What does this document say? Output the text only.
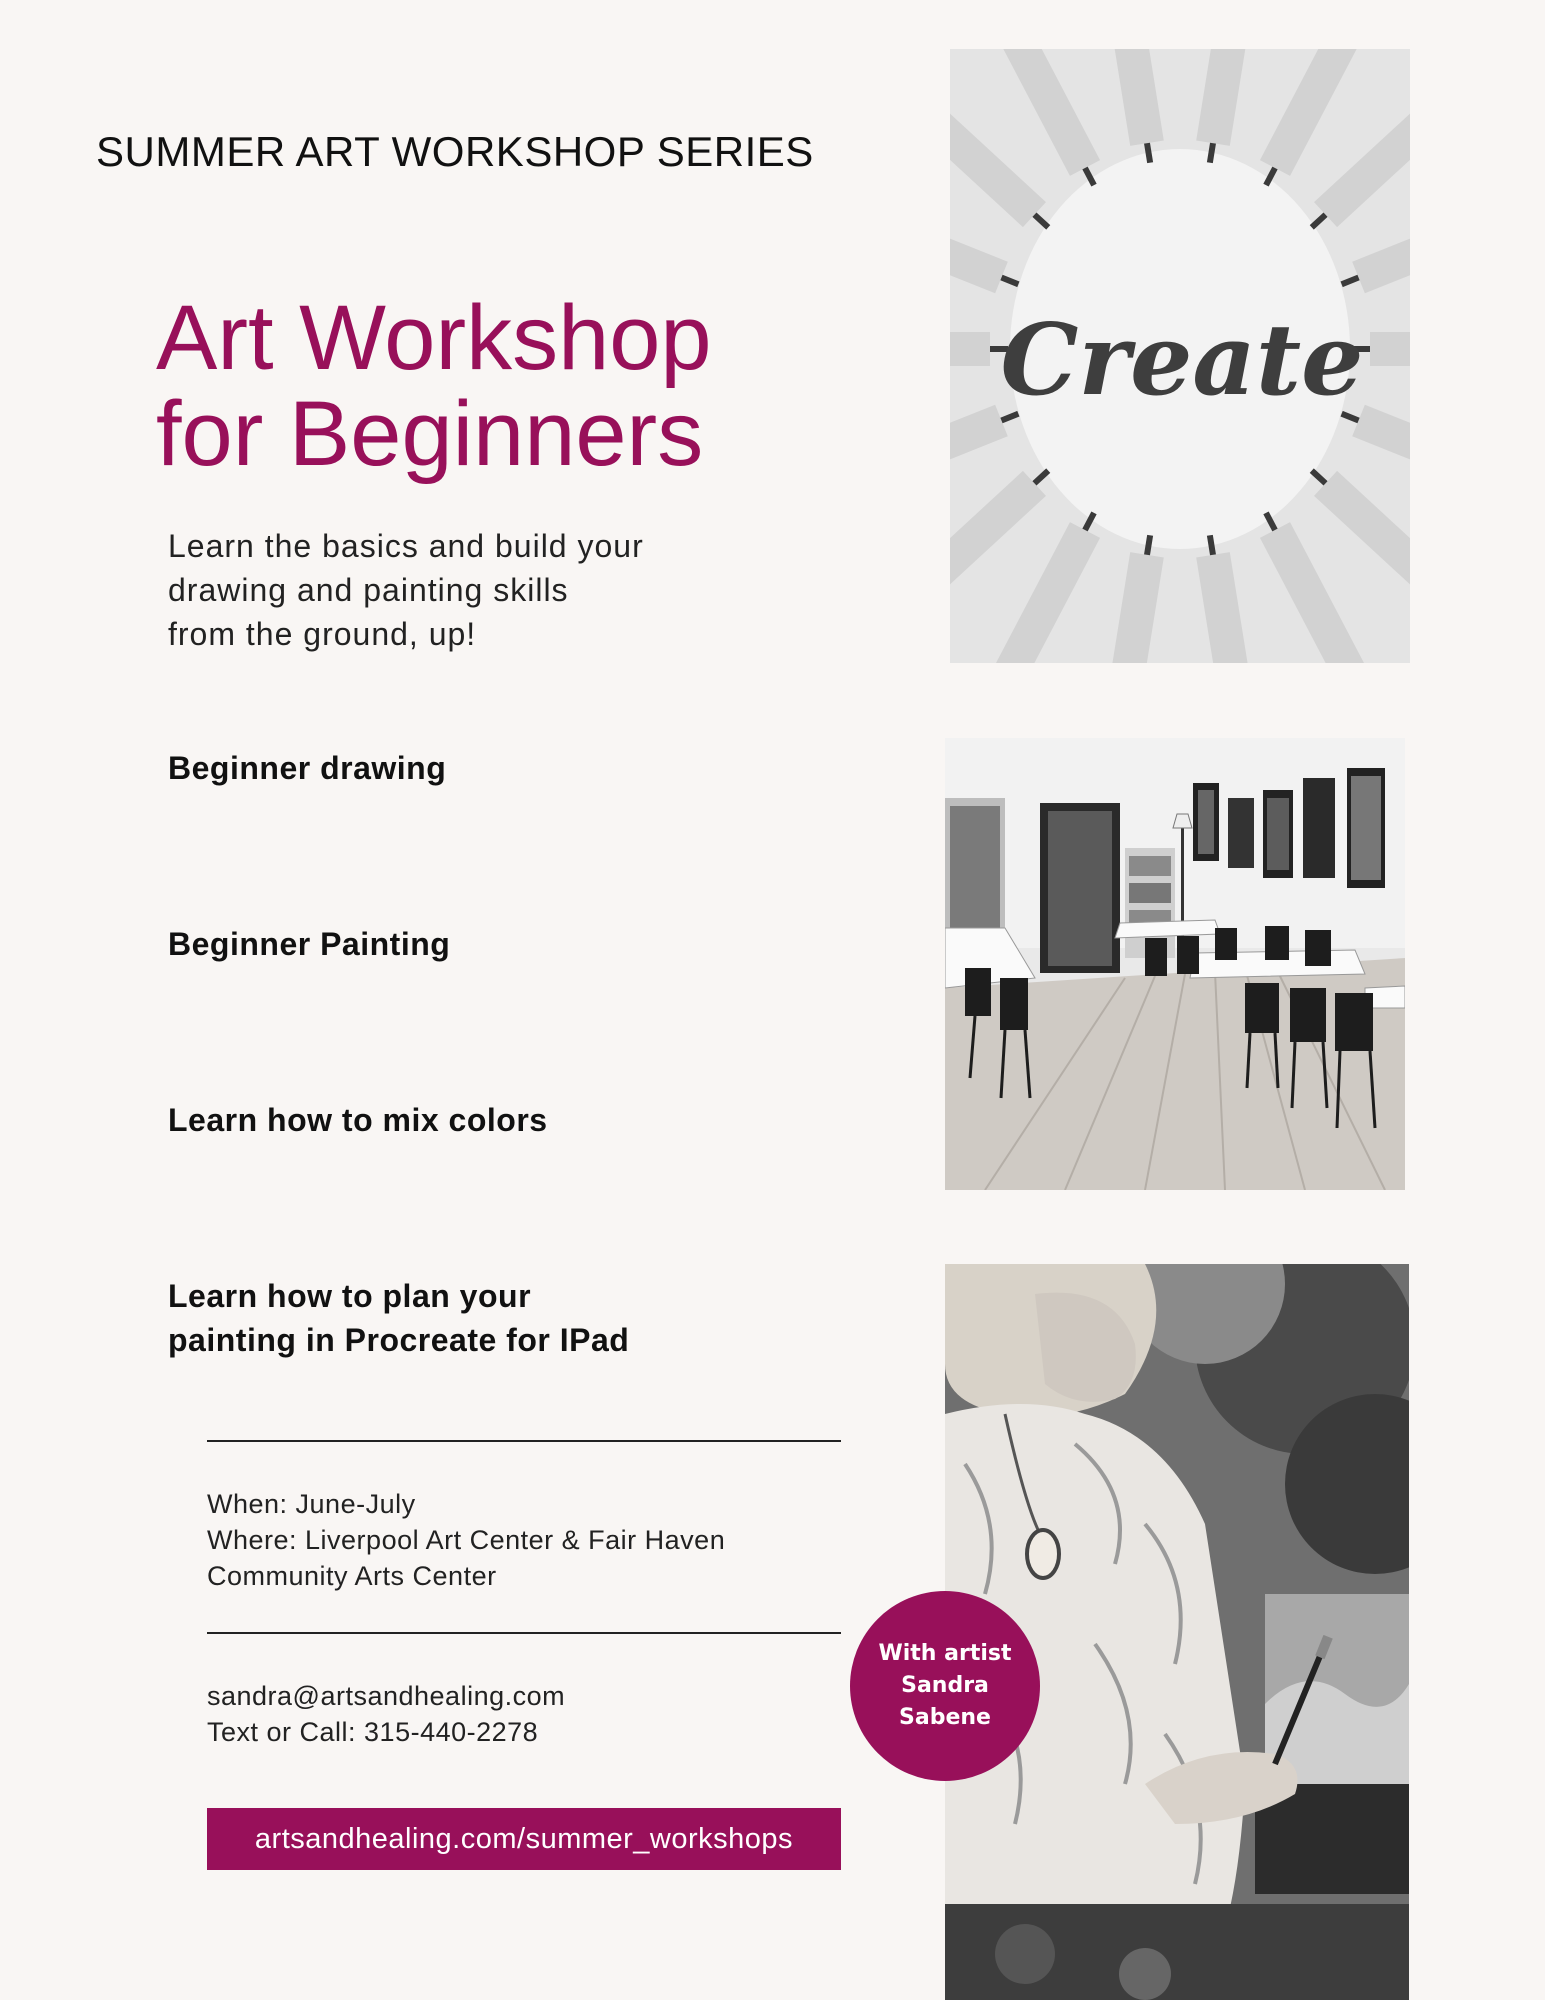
SUMMER ART WORKSHOP SERIES
Art Workshop
for Beginners
Learn the basics and build your
drawing and painting skills
from the ground, up!
Beginner drawing
Beginner Painting
Learn how to mix colors
Learn how to plan your
painting in Procreate for IPad
When: June-July
Where: Liverpool Art Center & Fair Haven
Community Arts Center
sandra@artsandhealing.com
Text or Call: 315-440-2278
artsandhealing.com/summer_workshops
Create
With artist
Sandra
Sabene
